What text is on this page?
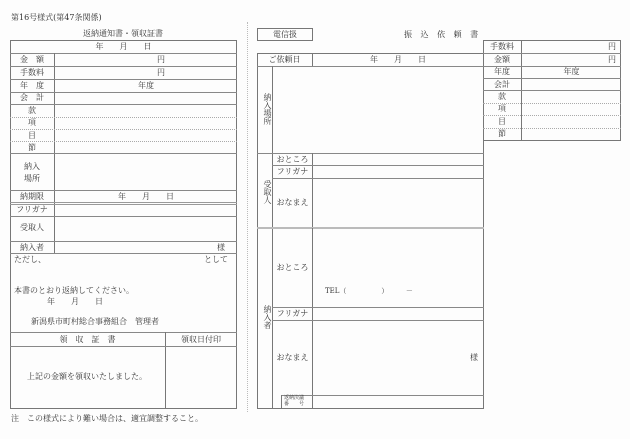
第16号様式(第47条関係)
返納通知書・領収証書
年　　月　　日
金　額	円
手数料	円
年　度	年度
会　計
款
項
目
節
納入
場所
納期限	年　　月　　日
フリガナ
受取人
納入者	様
ただし、	として
本書のとおり返納してください。
年　　月　　日
新潟県市町村総合事務組合　管理者
領　収　証　書	領収日付印
上記の金額を領収いたしました。
電信扱	振 込 依 頼 書
ご依頼日	年　　月　　日
納入場所
受取人
おところ
フリガナ
おなまえ
納入者
おところ
TEL（　　　　　）　　　－
フリガナ
おなまえ	様
返納決議
番　　号
手数料	円
金額	円
年度	年度
会計
款
項
目
節
注　この様式により難い場合は、適宜調整すること。
